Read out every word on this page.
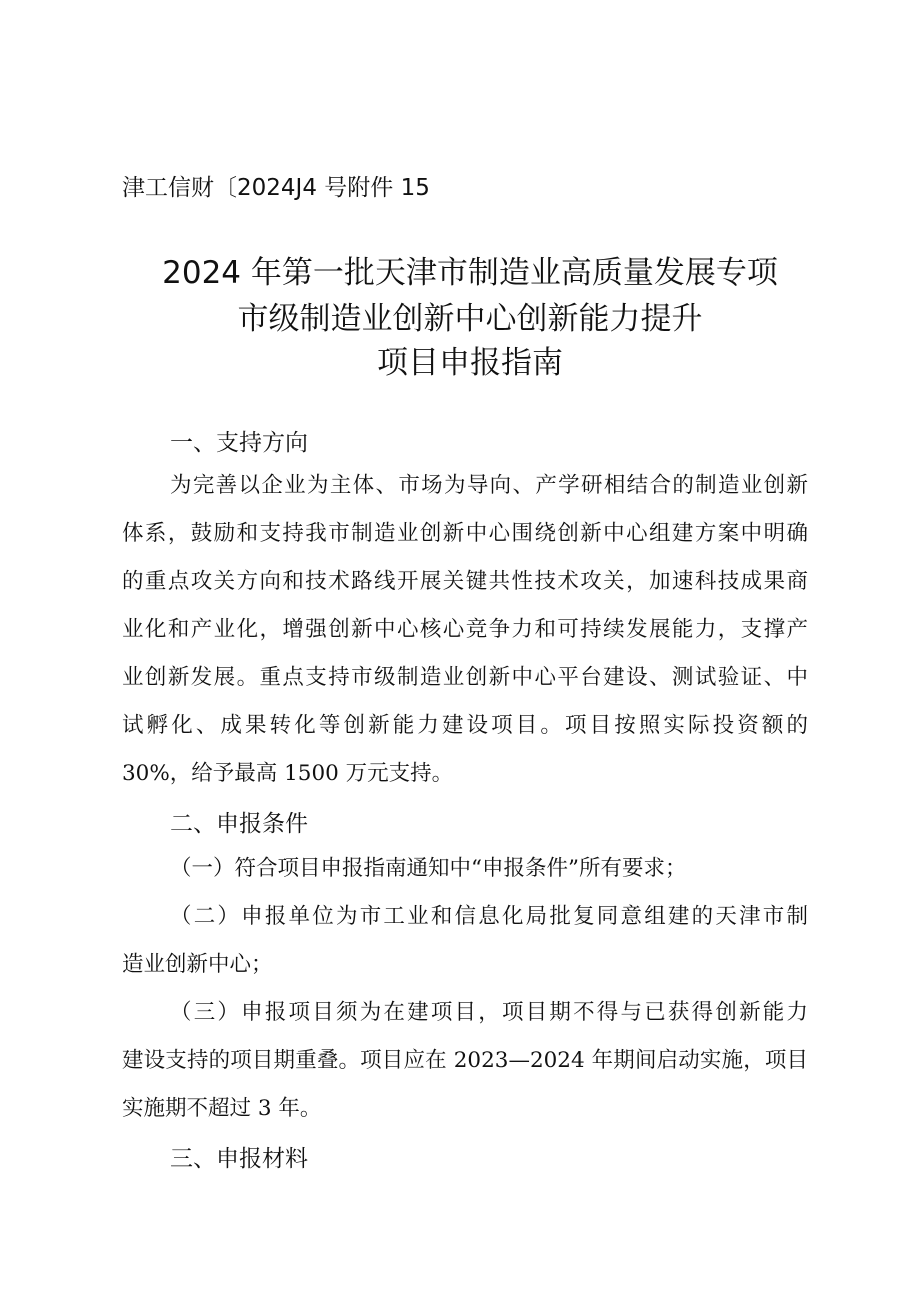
津工信财〔2024J4 号附件 15
2024 年第一批天津市制造业高质量发展专项
市级制造业创新中心创新能力提升
项目申报指南
一、支持方向
为完善以企业为主体、市场为导向、产学研相结合的制造业创新
体系，鼓励和支持我市制造业创新中心围绕创新中心组建方案中明确
的重点攻关方向和技术路线开展关键共性技术攻关，加速科技成果商
业化和产业化，增强创新中心核心竞争力和可持续发展能力，支撑产
业创新发展。重点支持市级制造业创新中心平台建设、测试验证、中
试孵化、成果转化等创新能力建设项目。项目按照实际投资额的
30%，给予最高 1500 万元支持。
二、申报条件
（一）符合项目申报指南通知中“申报条件”所有要求；
（二）申报单位为市工业和信息化局批复同意组建的天津市制
造业创新中心；
（三）申报项目须为在建项目，项目期不得与已获得创新能力
建设支持的项目期重叠。项目应在 2023—2024 年期间启动实施，项目
实施期不超过 3 年。
三、申报材料
